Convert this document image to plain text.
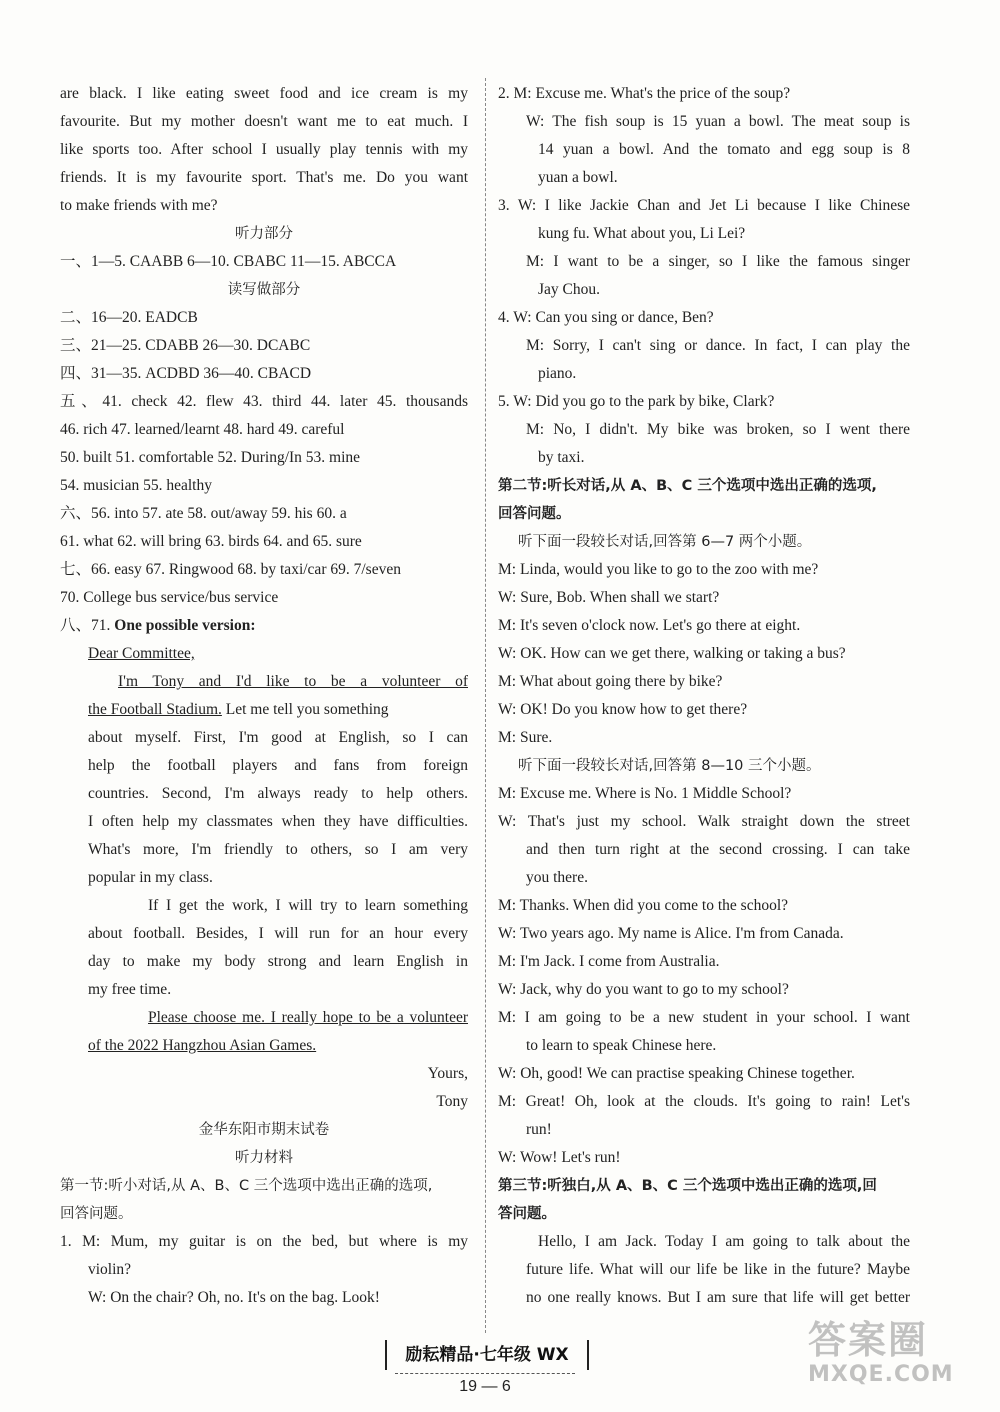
are black. I like eating sweet food and ice cream is my
favourite. But my mother doesn't want me to eat much. I
like sports too. After school I usually play tennis with my
friends. It is my favourite sport. That's me. Do you want
to make friends with me?
听力部分
一、1—5. CAABB 6—10. CBABC 11—15. ABCCA
读写做部分
二、16—20. EADCB
三、21—25. CDABB 26—30. DCABC
四、31—35. ACDBD 36—40. CBACD
五、41. check 42. flew 43. third 44. later 45. thousands
46. rich 47. learned/learnt 48. hard 49. careful
50. built 51. comfortable 52. During/In 53. mine
54. musician 55. healthy
六、56. into 57. ate 58. out/away 59. his 60. a
61. what 62. will bring 63. birds 64. and 65. sure
七、66. easy 67. Ringwood 68. by taxi/car 69. 7/seven
70. College bus service/bus service
八、71. One possible version:
Dear Committee,
I'm Tony and I'd like to be a volunteer of
the Football Stadium. Let me tell you something
about myself. First, I'm good at English, so I can
help the football players and fans from foreign
countries. Second, I'm always ready to help others.
I often help my classmates when they have difficulties.
What's more, I'm friendly to others, so I am very
popular in my class.
If I get the work, I will try to learn something
about football. Besides, I will run for an hour every
day to make my body strong and learn English in
my free time.
Please choose me. I really hope to be a volunteer
of the 2022 Hangzhou Asian Games.
Yours,
Tony
金华东阳市期末试卷
听力材料
第一节:听小对话,从 A、B、C 三个选项中选出正确的选项,
回答问题。
1. M: Mum, my guitar is on the bed, but where is my
violin?
W: On the chair? Oh, no. It's on the bag. Look!
2. M: Excuse me. What's the price of the soup?
W: The fish soup is 15 yuan a bowl. The meat soup is
14 yuan a bowl. And the tomato and egg soup is 8
yuan a bowl.
3. W: I like Jackie Chan and Jet Li because I like Chinese
kung fu. What about you, Li Lei?
M: I want to be a singer, so I like the famous singer
Jay Chou.
4. W: Can you sing or dance, Ben?
M: Sorry, I can't sing or dance. In fact, I can play the
piano.
5. W: Did you go to the park by bike, Clark?
M: No, I didn't. My bike was broken, so I went there
by taxi.
第二节:听长对话,从 A、B、C 三个选项中选出正确的选项,
回答问题。
听下面一段较长对话,回答第 6—7 两个小题。
M: Linda, would you like to go to the zoo with me?
W: Sure, Bob. When shall we start?
M: It's seven o'clock now. Let's go there at eight.
W: OK. How can we get there, walking or taking a bus?
M: What about going there by bike?
W: OK! Do you know how to get there?
M: Sure.
听下面一段较长对话,回答第 8—10 三个小题。
M: Excuse me. Where is No. 1 Middle School?
W: That's just my school. Walk straight down the street
and then turn right at the second crossing. I can take
you there.
M: Thanks. When did you come to the school?
W: Two years ago. My name is Alice. I'm from Canada.
M: I'm Jack. I come from Australia.
W: Jack, why do you want to go to my school?
M: I am going to be a new student in your school. I want
to learn to speak Chinese here.
W: Oh, good! We can practise speaking Chinese together.
M: Great! Oh, look at the clouds. It's going to rain! Let's
run!
W: Wow! Let's run!
第三节:听独白,从 A、B、C 三个选项中选出正确的选项,回
答问题。
Hello, I am Jack. Today I am going to talk about the
future life. What will our life be like in the future? Maybe
no one really knows. But I am sure that life will get better
励耘精品·七年级 WX
19 — 6
答案圈
MXQE.COM
